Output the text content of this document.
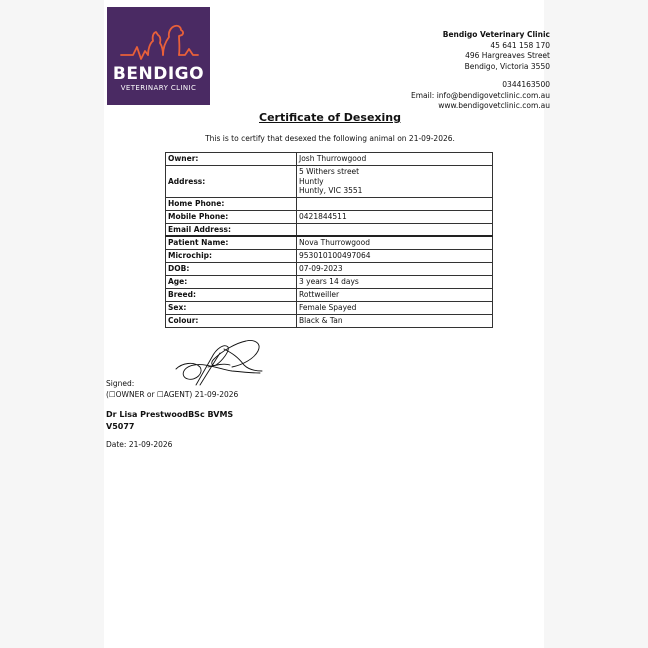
BENDIGO
VETERINARY CLINIC
Bendigo Veterinary Clinic
45 641 158 170
496 Hargreaves Street
Bendigo, Victoria 3550
0344163500
Email: info@bendigovetclinic.com.au
www.bendigovetclinic.com.au
Certificate of Desexing
This is to certify that desexed the following animal on 21-09-2026.
Owner:	Josh Thurrowgood
Address:	5 Withers street
Huntly
Huntly, VIC 3551

Home Phone:	
Mobile Phone:	0421844511
Email Address:	
Patient Name:	Nova Thurrowgood
Microchip:	953010100497064
DOB:	07-09-2023
Age:	3 years 14 days
Breed:	Rottweiller
Sex:	Female Spayed
Colour:	Black & Tan
Signed:
(☐OWNER or ☐AGENT) 21-09-2026
Dr Lisa PrestwoodBSc BVMS
V5077
Date: 21-09-2026
